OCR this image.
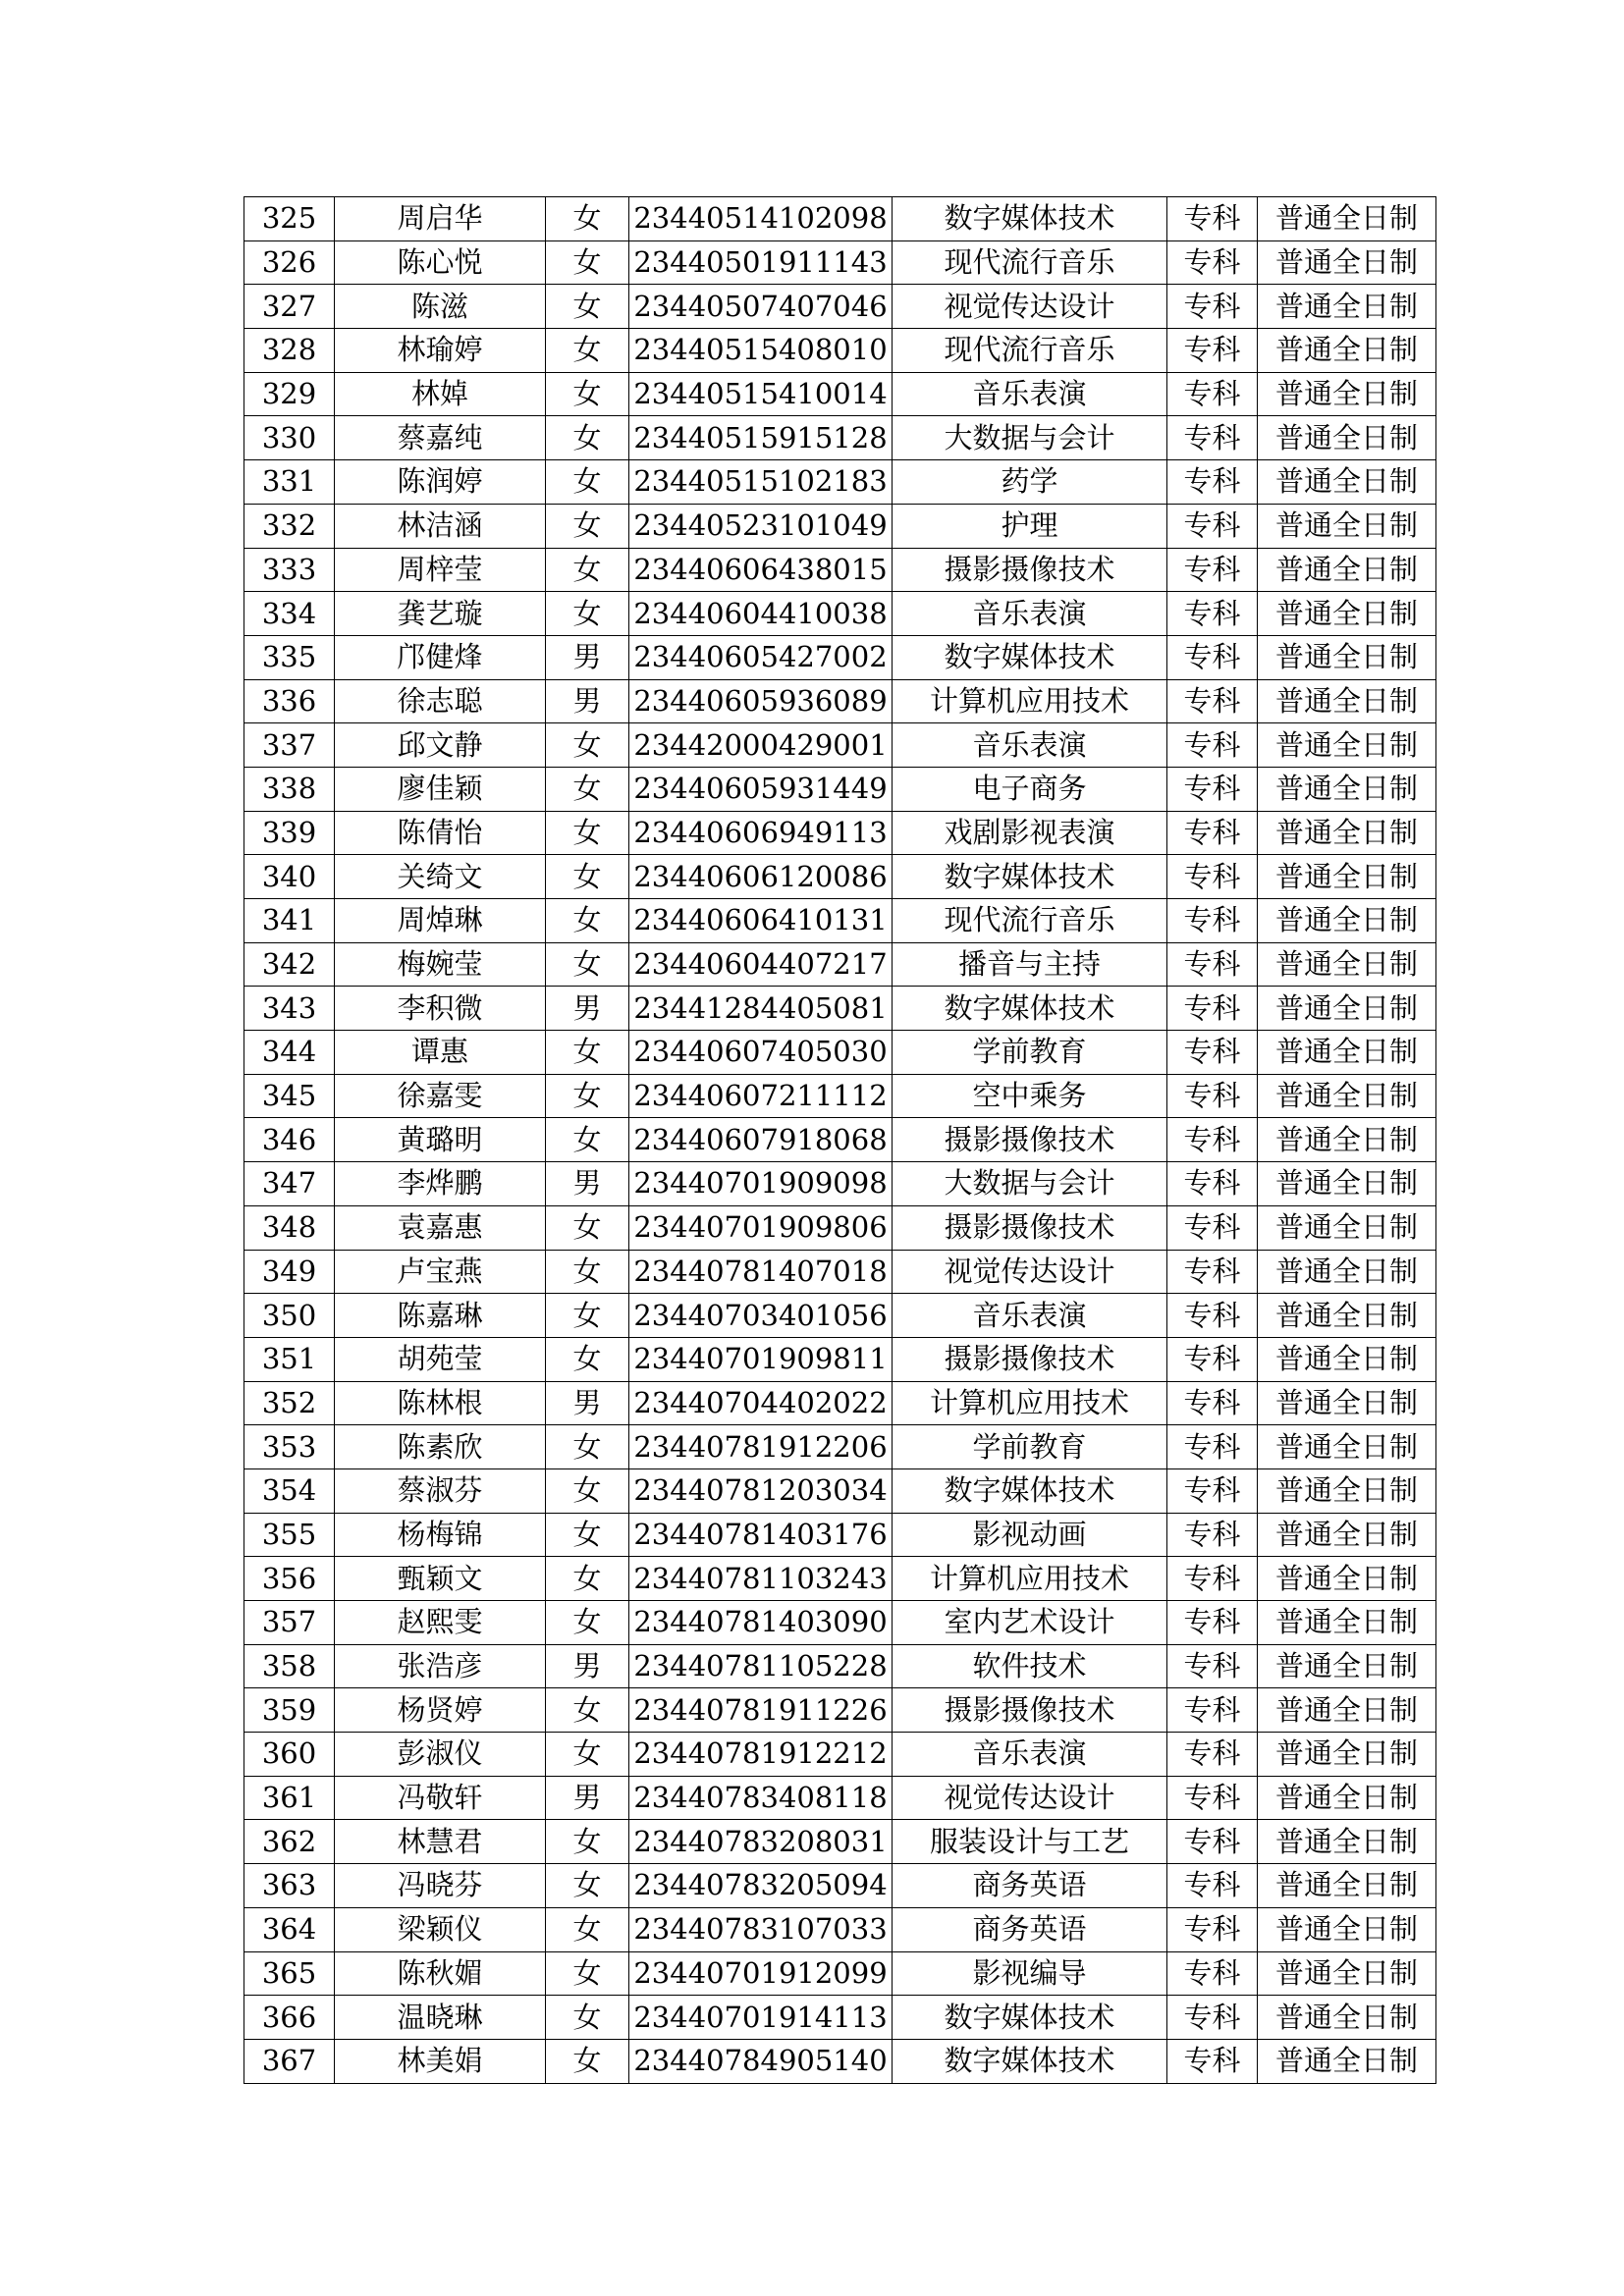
325	周启华	女	23440514102098	数字媒体技术	专科	普通全日制
326	陈心悦	女	23440501911143	现代流行音乐	专科	普通全日制
327	陈滋	女	23440507407046	视觉传达设计	专科	普通全日制
328	林瑜婷	女	23440515408010	现代流行音乐	专科	普通全日制
329	林婥	女	23440515410014	音乐表演	专科	普通全日制
330	蔡嘉纯	女	23440515915128	大数据与会计	专科	普通全日制
331	陈润婷	女	23440515102183	药学	专科	普通全日制
332	林洁涵	女	23440523101049	护理	专科	普通全日制
333	周梓莹	女	23440606438015	摄影摄像技术	专科	普通全日制
334	龚艺璇	女	23440604410038	音乐表演	专科	普通全日制
335	邝健烽	男	23440605427002	数字媒体技术	专科	普通全日制
336	徐志聪	男	23440605936089	计算机应用技术	专科	普通全日制
337	邱文静	女	23442000429001	音乐表演	专科	普通全日制
338	廖佳颖	女	23440605931449	电子商务	专科	普通全日制
339	陈倩怡	女	23440606949113	戏剧影视表演	专科	普通全日制
340	关绮文	女	23440606120086	数字媒体技术	专科	普通全日制
341	周焯琳	女	23440606410131	现代流行音乐	专科	普通全日制
342	梅婉莹	女	23440604407217	播音与主持	专科	普通全日制
343	李积微	男	23441284405081	数字媒体技术	专科	普通全日制
344	谭惠	女	23440607405030	学前教育	专科	普通全日制
345	徐嘉雯	女	23440607211112	空中乘务	专科	普通全日制
346	黄璐明	女	23440607918068	摄影摄像技术	专科	普通全日制
347	李烨鹏	男	23440701909098	大数据与会计	专科	普通全日制
348	袁嘉惠	女	23440701909806	摄影摄像技术	专科	普通全日制
349	卢宝燕	女	23440781407018	视觉传达设计	专科	普通全日制
350	陈嘉琳	女	23440703401056	音乐表演	专科	普通全日制
351	胡苑莹	女	23440701909811	摄影摄像技术	专科	普通全日制
352	陈林根	男	23440704402022	计算机应用技术	专科	普通全日制
353	陈素欣	女	23440781912206	学前教育	专科	普通全日制
354	蔡淑芬	女	23440781203034	数字媒体技术	专科	普通全日制
355	杨梅锦	女	23440781403176	影视动画	专科	普通全日制
356	甄颖文	女	23440781103243	计算机应用技术	专科	普通全日制
357	赵熙雯	女	23440781403090	室内艺术设计	专科	普通全日制
358	张浩彦	男	23440781105228	软件技术	专科	普通全日制
359	杨贤婷	女	23440781911226	摄影摄像技术	专科	普通全日制
360	彭淑仪	女	23440781912212	音乐表演	专科	普通全日制
361	冯敬轩	男	23440783408118	视觉传达设计	专科	普通全日制
362	林慧君	女	23440783208031	服装设计与工艺	专科	普通全日制
363	冯晓芬	女	23440783205094	商务英语	专科	普通全日制
364	梁颖仪	女	23440783107033	商务英语	专科	普通全日制
365	陈秋媚	女	23440701912099	影视编导	专科	普通全日制
366	温晓琳	女	23440701914113	数字媒体技术	专科	普通全日制
367	林美娟	女	23440784905140	数字媒体技术	专科	普通全日制
